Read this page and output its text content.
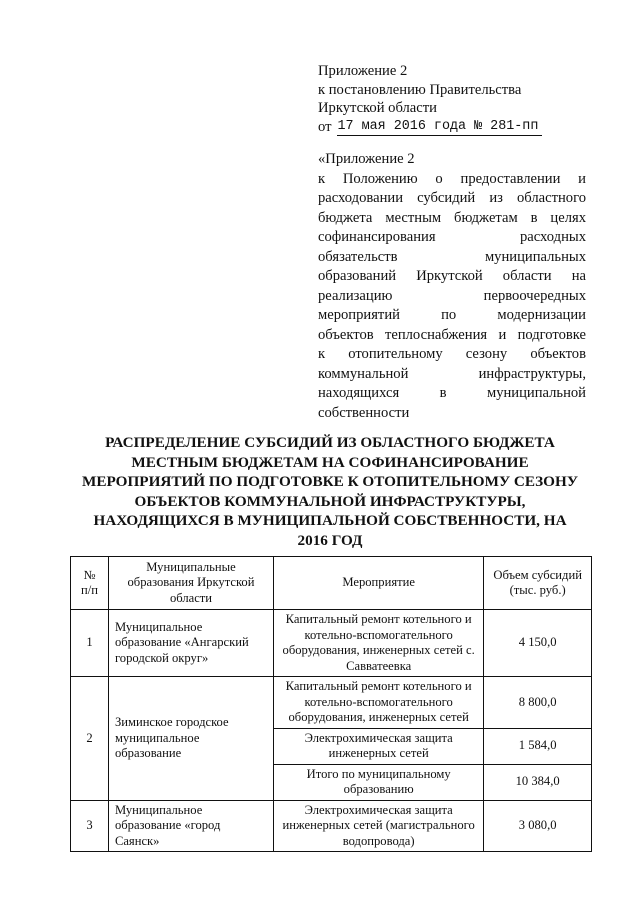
Приложение 2
к постановлению Правительства
Иркутской области
от 17 мая 2016 года № 281-пп
«Приложение 2
к Положению о предоставлении и
расходовании субсидий из областного
бюджета местным бюджетам в целях
софинансирования расходных
обязательств муниципальных
образований Иркутской области на
реализацию первоочередных
мероприятий по модернизации
объектов теплоснабжения и подготовке
к отопительному сезону объектов
коммунальной инфраструктуры,
находящихся в муниципальной
собственности
РАСПРЕДЕЛЕНИЕ СУБСИДИЙ ИЗ ОБЛАСТНОГО БЮДЖЕТА
МЕСТНЫМ БЮДЖЕТАМ НА СОФИНАНСИРОВАНИЕ
МЕРОПРИЯТИЙ ПО ПОДГОТОВКЕ К ОТОПИТЕЛЬНОМУ СЕЗОНУ
ОБЪЕКТОВ КОММУНАЛЬНОЙ ИНФРАСТРУКТУРЫ,
НАХОДЯЩИХСЯ В МУНИЦИПАЛЬНОЙ СОБСТВЕННОСТИ, НА
2016 ГОД
№ п/п	Муниципальные образования Иркутской области	Мероприятие	Объем субсидий (тыс. руб.)
1	Муниципальное образование «Ангарский городской округ»	Капитальный ремонт котельного и котельно-вспомогательного оборудования, инженерных сетей с. Савватеевка	4 150,0
2	Зиминское городское муниципальное образование	Капитальный ремонт котельного и котельно-вспомогательного оборудования, инженерных сетей	8 800,0
		Электрохимическая защита инженерных сетей	1 584,0
		Итого по муниципальному образованию	10 384,0
3	Муниципальное образование «город Саянск»	Электрохимическая защита инженерных сетей (магистрального водопровода)	3 080,0
